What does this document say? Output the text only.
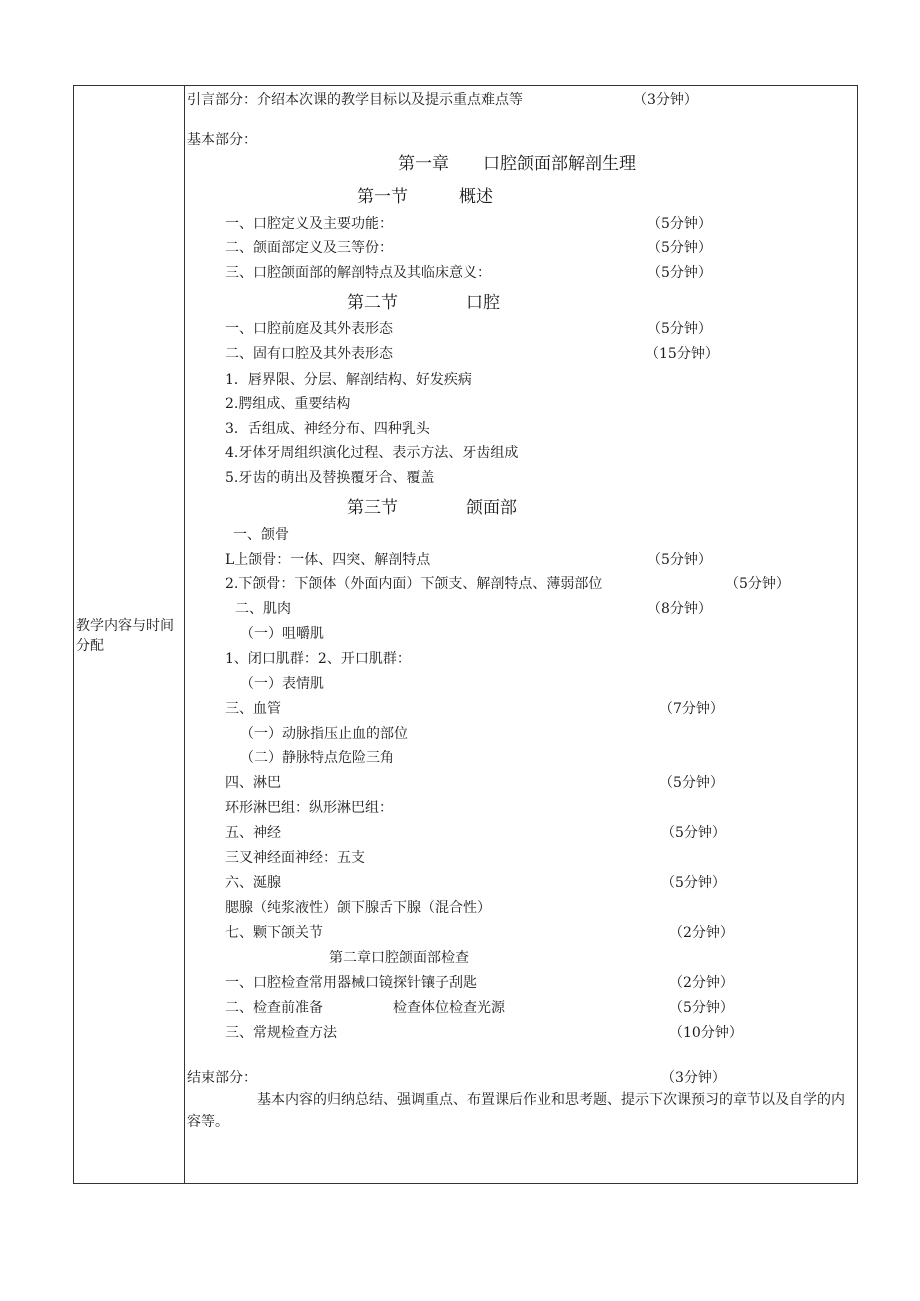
教学内容与时间分配
引言部分：介绍本次课的教学目标以及提示重点难点等	（3分钟）
基本部分：
第一章　　口腔颌面部解剖生理
第一节　　　概述
一、口腔定义及主要功能：	（5分钟）
二、颌面部定义及三等份：	（5分钟）
三、口腔颌面部的解剖特点及其临床意义：	（5分钟）
第二节　　　　口腔
一、口腔前庭及其外表形态	（5分钟）
二、固有口腔及其外表形态	（15分钟）
1．唇界限、分层、解剖结构、好发疾病
2.腭组成、重要结构
3．舌组成、神经分布、四种乳头
4.牙体牙周组织演化过程、表示方法、牙齿组成
5.牙齿的萌出及替换覆牙合、覆盖
第三节　　　　颌面部
一、颌骨
L上颌骨：一体、四突、解剖特点	（5分钟）
2.下颌骨：下颌体（外面内面）下颌支、解剖特点、薄弱部位	（5分钟）
二、肌肉	（8分钟）
（一）咀嚼肌
1、闭口肌群：2、开口肌群：
（一）表情肌
三、血管	（7分钟）
（一）动脉指压止血的部位
（二）静脉特点危险三角
四、淋巴	（5分钟）
环形淋巴组：纵形淋巴组：
五、神经	（5分钟）
三叉神经面神经：五支
六、涎腺	（5分钟）
腮腺（纯浆液性）颌下腺舌下腺（混合性）
七、颗下颌关节	（2分钟）
第二章口腔颌面部检查
一、口腔检查常用器械口镜探针镶子刮匙	（2分钟）
二、检查前准备　　　　　检查体位检查光源	（5分钟）
三、常规检查方法	（10分钟）
结束部分：	（3分钟）
基本内容的归纳总结、强调重点、布置课后作业和思考题、提示下次课预习的章节以及自学的内容等。
